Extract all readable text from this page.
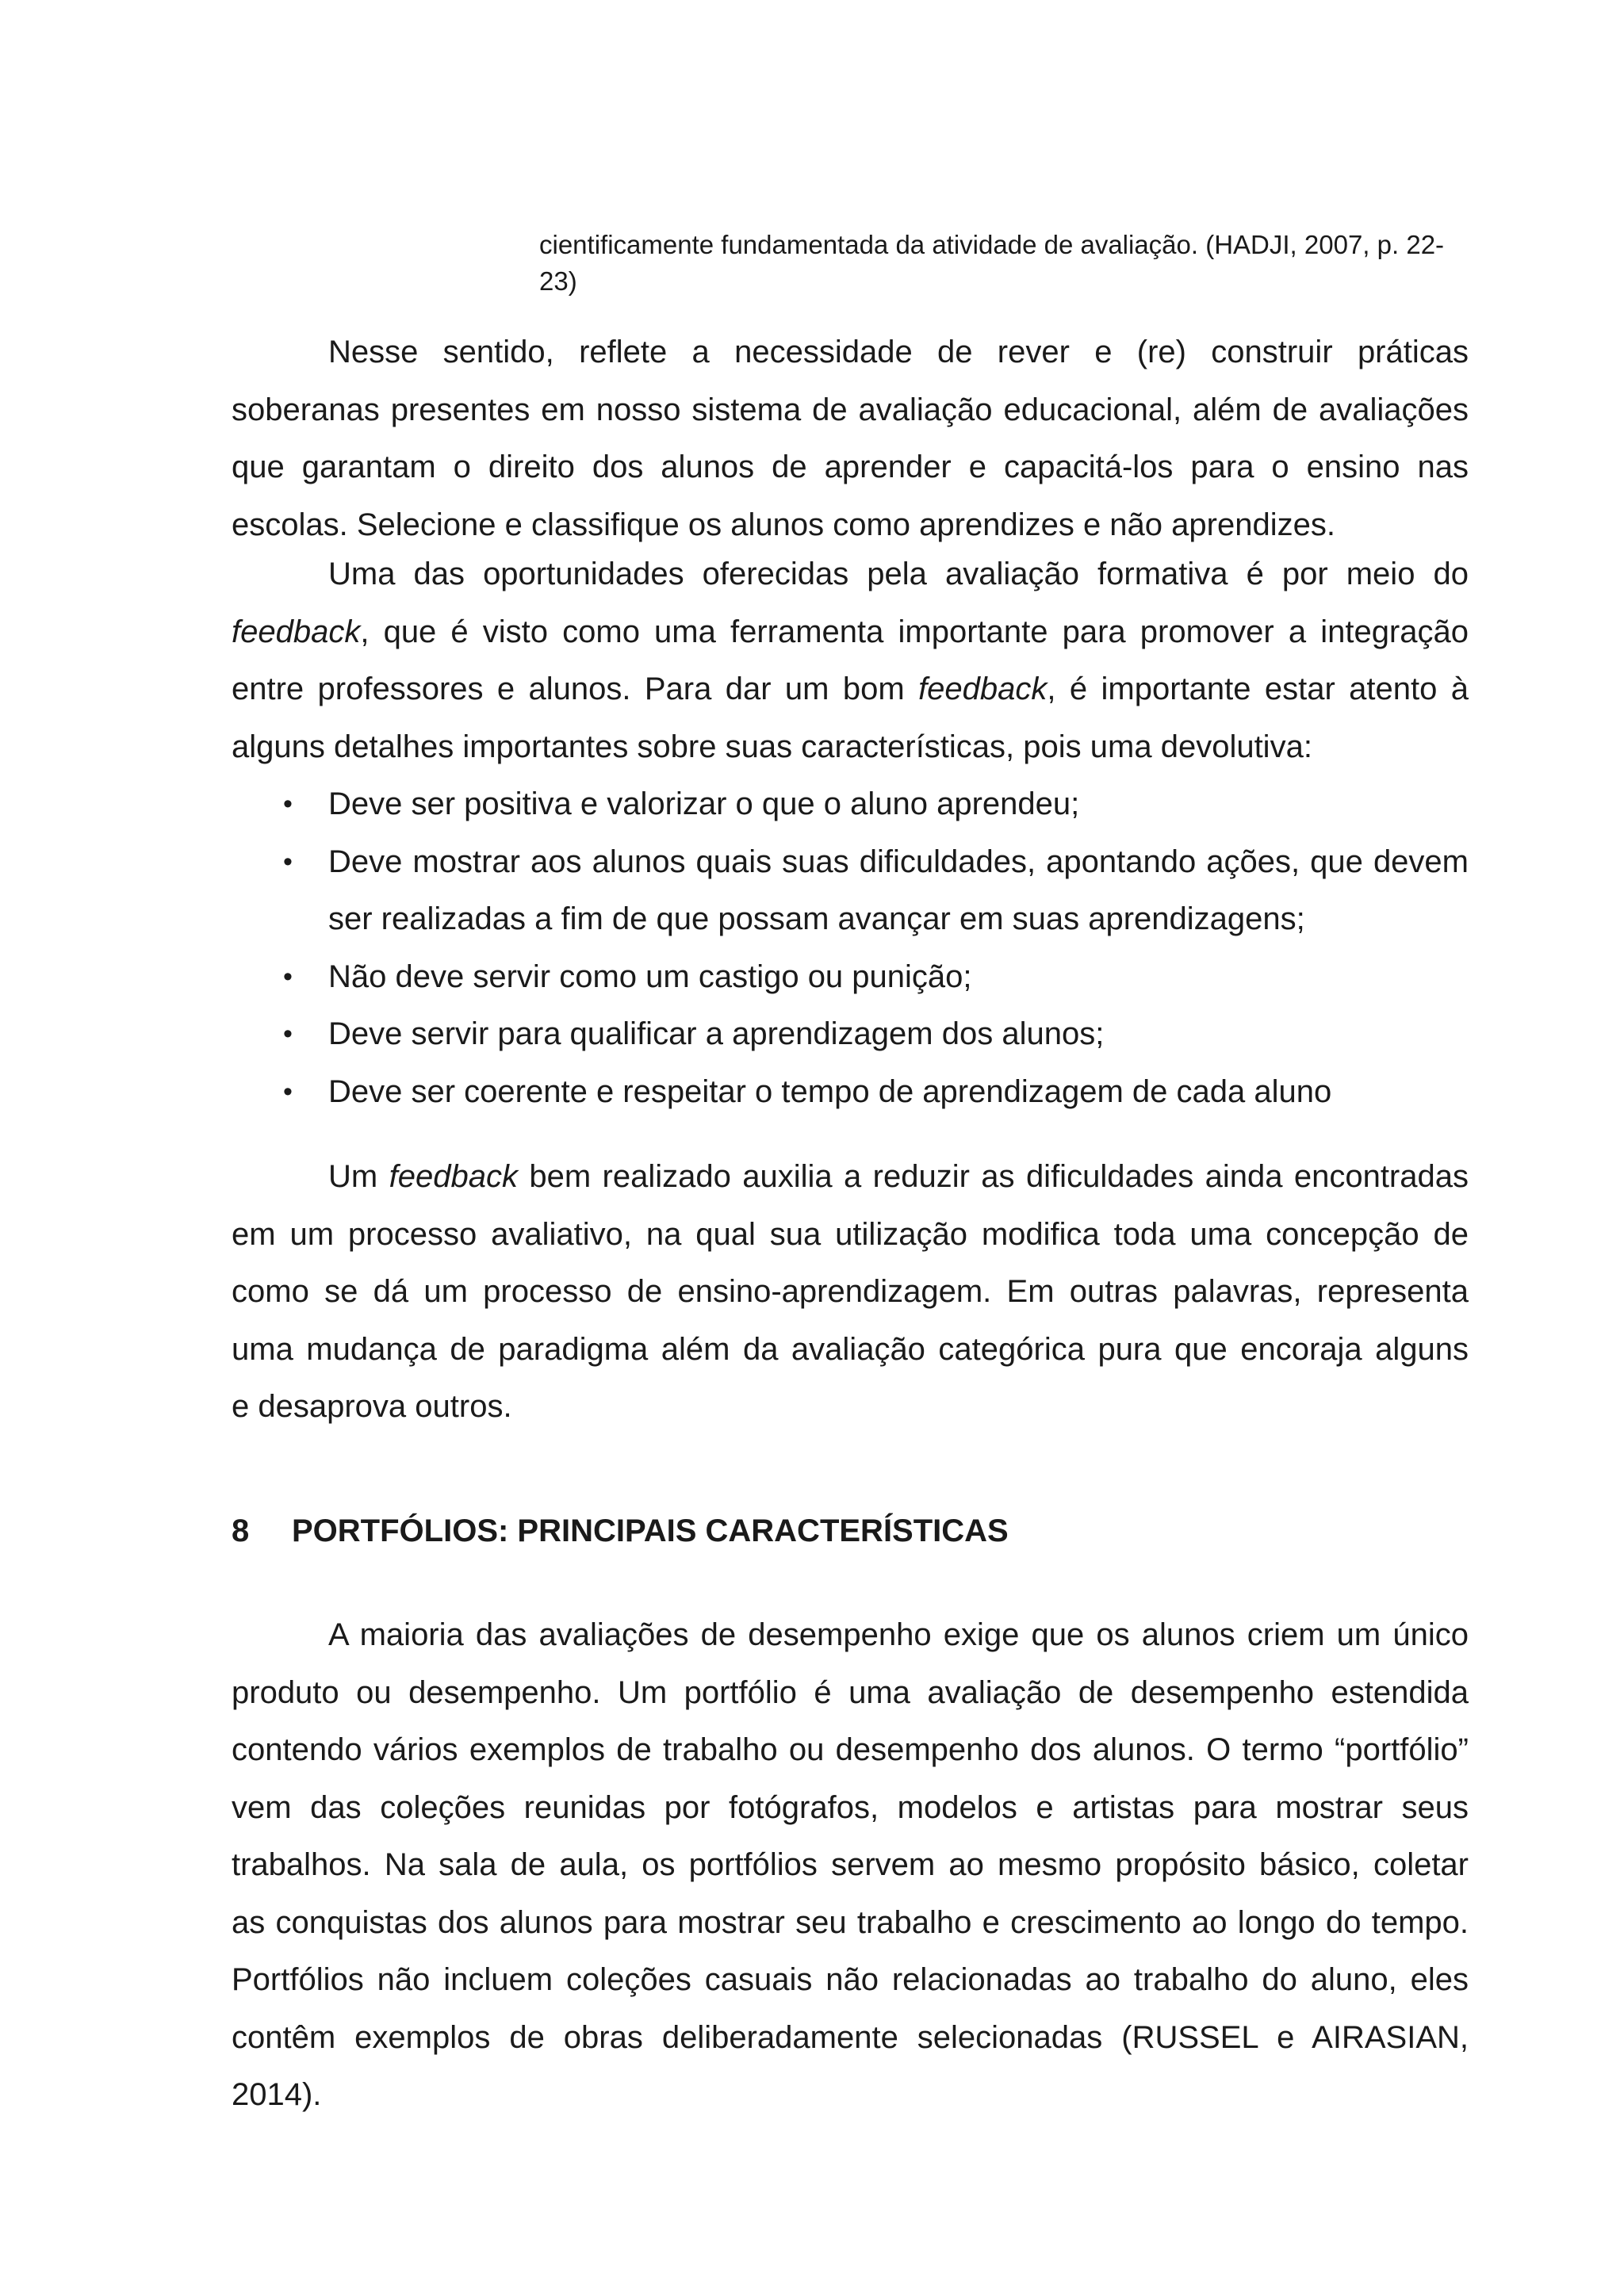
cientificamente fundamentada da atividade de avaliação. (HADJI, 2007, p. 22-
23)
Nesse sentido, reflete a necessidade de rever e (re) construir práticas
soberanas presentes em nosso sistema de avaliação educacional, além de avaliações
que garantam o direito dos alunos de aprender e capacitá-los para o ensino nas
escolas. Selecione e classifique os alunos como aprendizes e não aprendizes.
Uma das oportunidades oferecidas pela avaliação formativa é por meio do
feedback, que é visto como uma ferramenta importante para promover a integração
entre professores e alunos. Para dar um bom feedback, é importante estar atento à
alguns detalhes importantes sobre suas características, pois uma devolutiva:
• Deve ser positiva e valorizar o que o aluno aprendeu;
• Deve mostrar aos alunos quais suas dificuldades, apontando ações, que devem
ser realizadas a fim de que possam avançar em suas aprendizagens;
• Não deve servir como um castigo ou punição;
• Deve servir para qualificar a aprendizagem dos alunos;
• Deve ser coerente e respeitar o tempo de aprendizagem de cada aluno
Um feedback bem realizado auxilia a reduzir as dificuldades ainda encontradas
em um processo avaliativo, na qual sua utilização modifica toda uma concepção de
como se dá um processo de ensino-aprendizagem. Em outras palavras, representa
uma mudança de paradigma além da avaliação categórica pura que encoraja alguns
e desaprova outros.
8 PORTFÓLIOS: PRINCIPAIS CARACTERÍSTICAS
A maioria das avaliações de desempenho exige que os alunos criem um único
produto ou desempenho. Um portfólio é uma avaliação de desempenho estendida
contendo vários exemplos de trabalho ou desempenho dos alunos. O termo “portfólio”
vem das coleções reunidas por fotógrafos, modelos e artistas para mostrar seus
trabalhos. Na sala de aula, os portfólios servem ao mesmo propósito básico, coletar
as conquistas dos alunos para mostrar seu trabalho e crescimento ao longo do tempo.
Portfólios não incluem coleções casuais não relacionadas ao trabalho do aluno, eles
contêm exemplos de obras deliberadamente selecionadas (RUSSEL e AIRASIAN,
2014).
